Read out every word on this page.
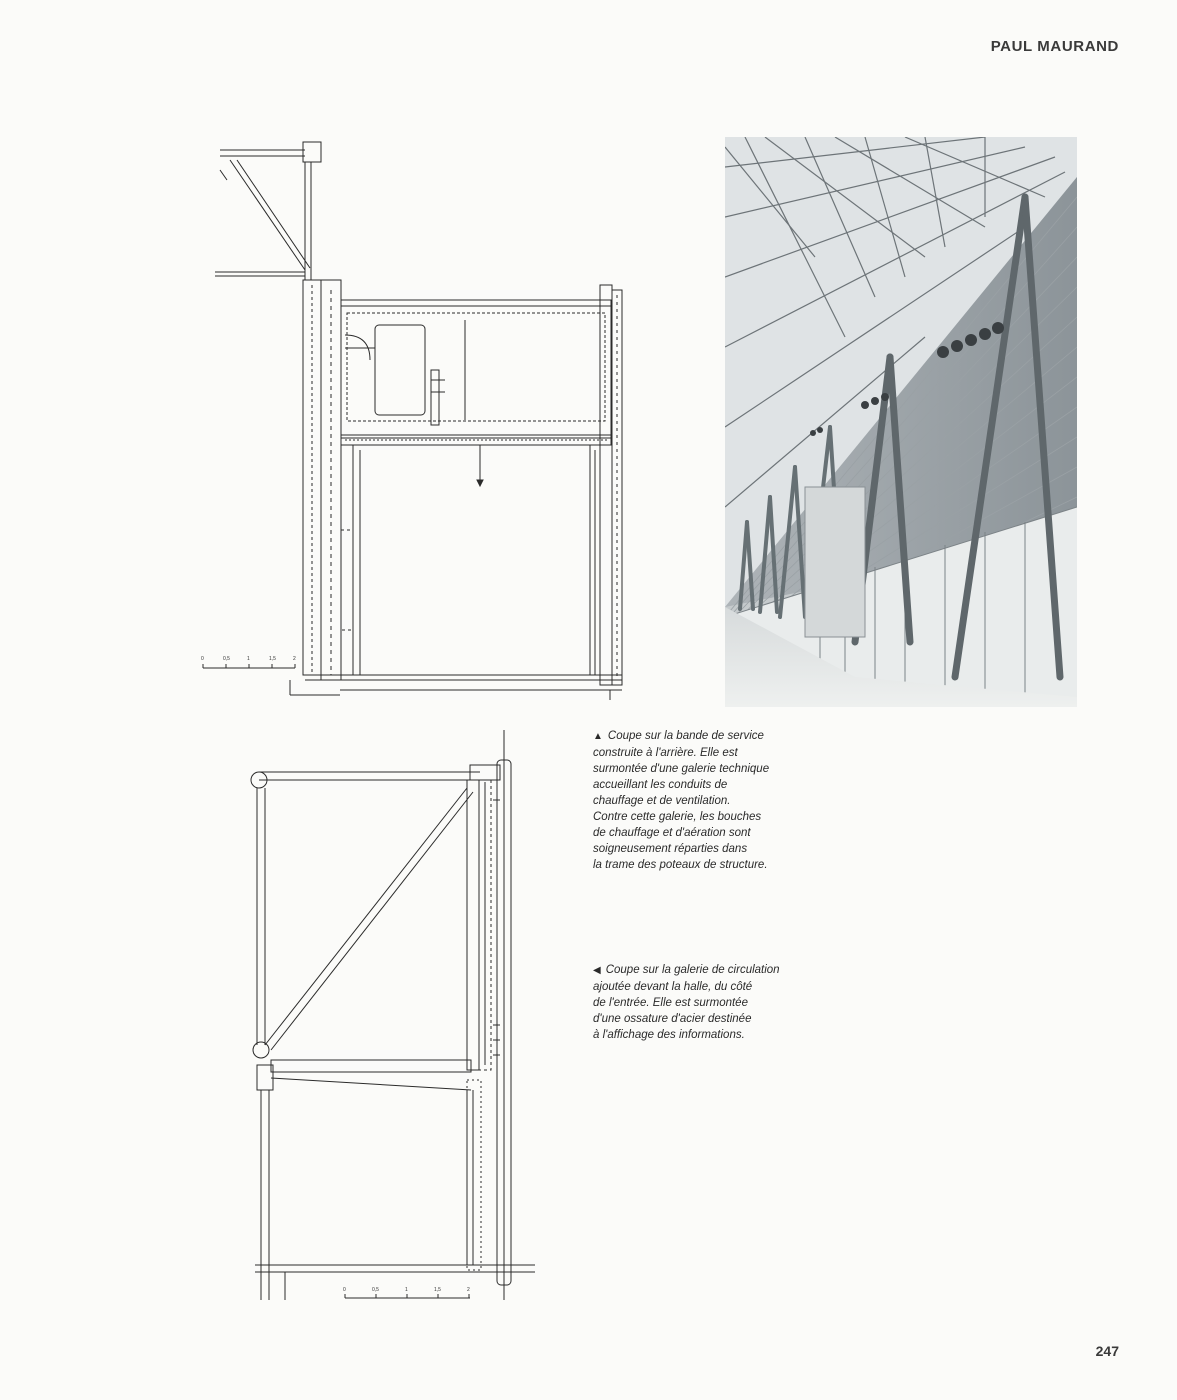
PAUL MAURAND
0	0,5	1	1,5	2
0	0,5	1	1,5	2

▲ Coupe sur la bande de service
construite à l'arrière. Elle est
surmontée d'une galerie technique
accueillant les conduits de
chauffage et de ventilation.
Contre cette galerie, les bouches
de chauffage et d'aération sont
soigneusement réparties dans
la trame des poteaux de structure.

◀ Coupe sur la galerie de circulation
ajoutée devant la halle, du côté
de l'entrée. Elle est surmontée
d'une ossature d'acier destinée
à l'affichage des informations.

247
